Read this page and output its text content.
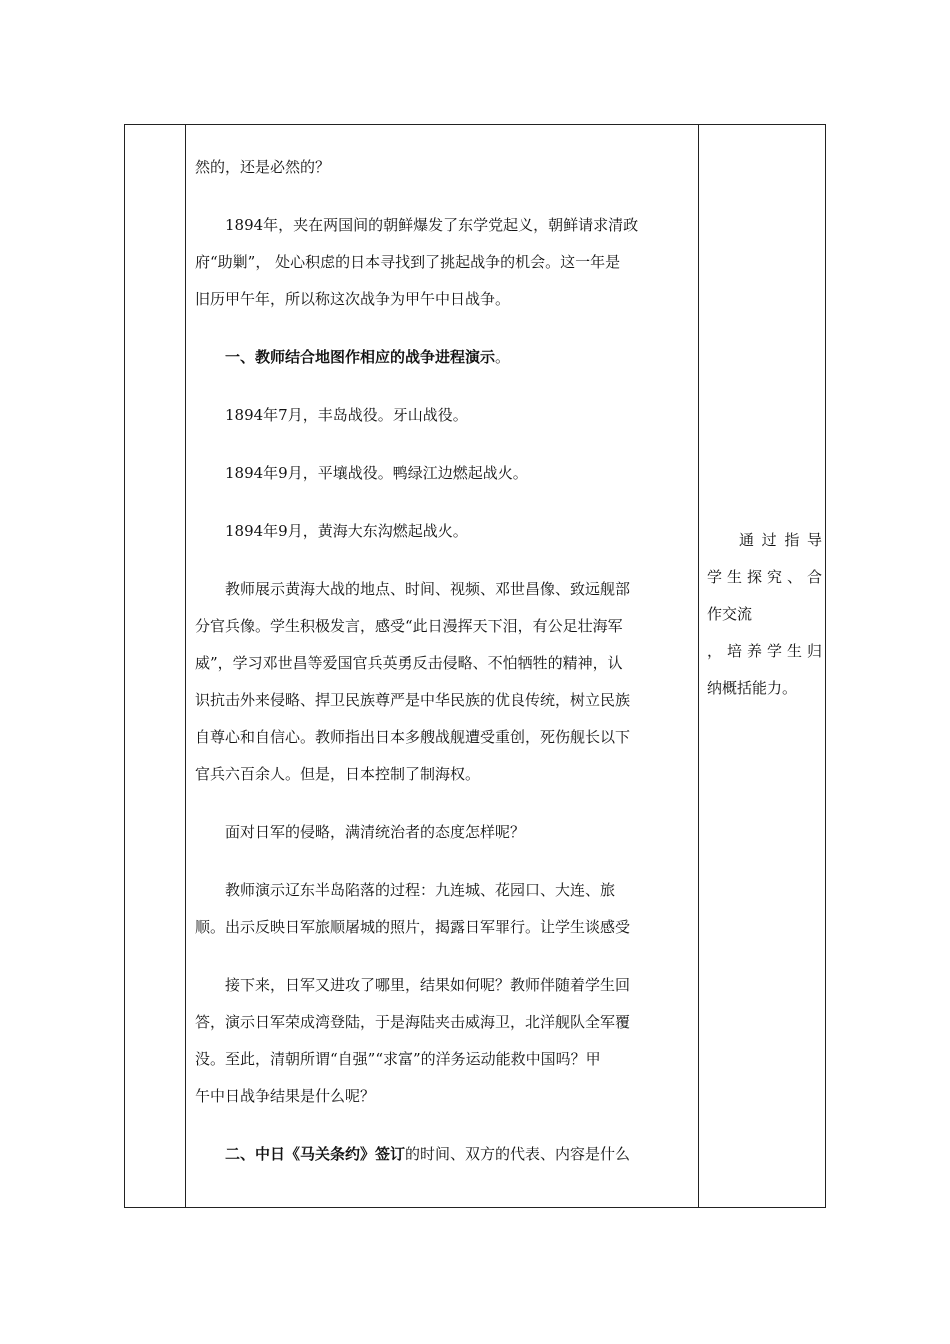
然的，还是必然的？

1894年，夹在两国间的朝鲜爆发了东学党起义，朝鲜请求清政

府“助剿”， 处心积虑的日本寻找到了挑起战争的机会。这一年是

旧历甲午年，所以称这次战争为甲午中日战争。

一、教师结合地图作相应的战争进程演示。

1894年7月，丰岛战役。牙山战役。

1894年9月，平壤战役。鸭绿江边燃起战火。

1894年9月，黄海大东沟燃起战火。

教师展示黄海大战的地点、时间、视频、邓世昌像、致远舰部

分官兵像。学生积极发言，感受“此日漫挥天下泪，有公足壮海军

威”，学习邓世昌等爱国官兵英勇反击侵略、不怕牺牲的精神，认

识抗击外来侵略、捍卫民族尊严是中华民族的优良传统，树立民族

自尊心和自信心。教师指出日本多艘战舰遭受重创，死伤舰长以下

官兵六百余人。但是，日本控制了制海权。

面对日军的侵略，满清统治者的态度怎样呢？

教师演示辽东半岛陷落的过程：九连城、花园口、大连、旅

顺。出示反映日军旅顺屠城的照片，揭露日军罪行。让学生谈感受

接下来，日军又进攻了哪里，结果如何呢？教师伴随着学生回

答，演示日军荣成湾登陆，于是海陆夹击威海卫，北洋舰队全军覆

没。至此，清朝所谓“自强”“求富”的洋务运动能救中国吗？甲

午中日战争结果是什么呢？

二、中日《马关条约》签订的时间、双方的代表、内容是什么

通过指导

学生探究、合

作交流

，培养学生归

纳概括能力。
